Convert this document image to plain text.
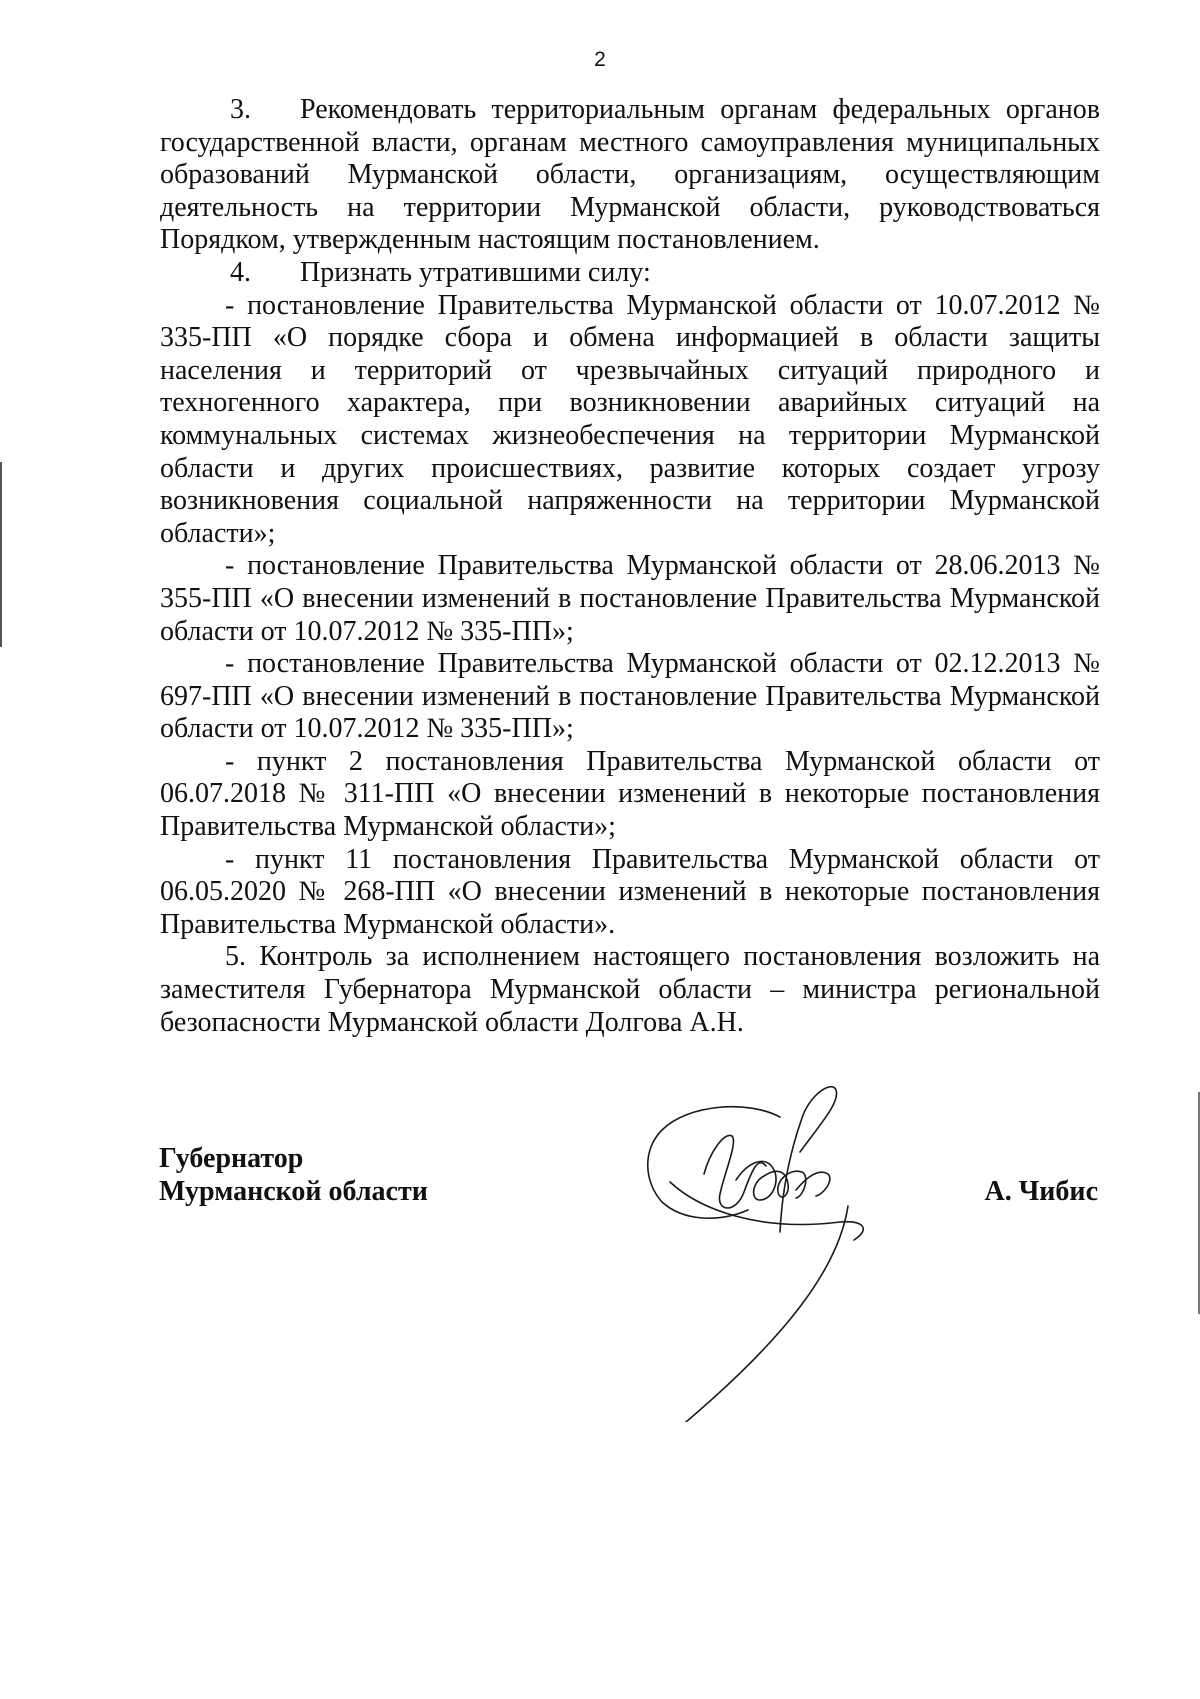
2

3. Рекомендовать территориальным органам федеральных органов государственной власти, органам местного самоуправления муниципальных образований Мурманской области, организациям, осуществляющим деятельность на территории Мурманской области, руководствоваться Порядком, утвержденным настоящим постановлением.

4. Признать утратившими силу:

- постановление Правительства Мурманской области от 10.07.2012 № 335-ПП «О порядке сбора и обмена информацией в области защиты населения и территорий от чрезвычайных ситуаций природного и техногенного характера, при возникновении аварийных ситуаций на коммунальных системах жизнеобеспечения на территории Мурманской области и других происшествиях, развитие которых создает угрозу возникновения социальной напряженности на территории Мурманской области»;

- постановление Правительства Мурманской области от 28.06.2013 № 355-ПП «О внесении изменений в постановление Правительства Мурманской области от 10.07.2012 № 335-ПП»;

- постановление Правительства Мурманской области от 02.12.2013 № 697-ПП «О внесении изменений в постановление Правительства Мурманской области от 10.07.2012 № 335-ПП»;

- пункт 2 постановления Правительства Мурманской области от 06.07.2018 № 311-ПП «О внесении изменений в некоторые постановления Правительства Мурманской области»;

- пункт 11 постановления Правительства Мурманской области от 06.05.2020 № 268-ПП «О внесении изменений в некоторые постановления Правительства Мурманской области».

5. Контроль за исполнением настоящего постановления возложить на заместителя Губернатора Мурманской области – министра региональной безопасности Мурманской области Долгова А.Н.

Губернатор
Мурманской области	А. Чибис
